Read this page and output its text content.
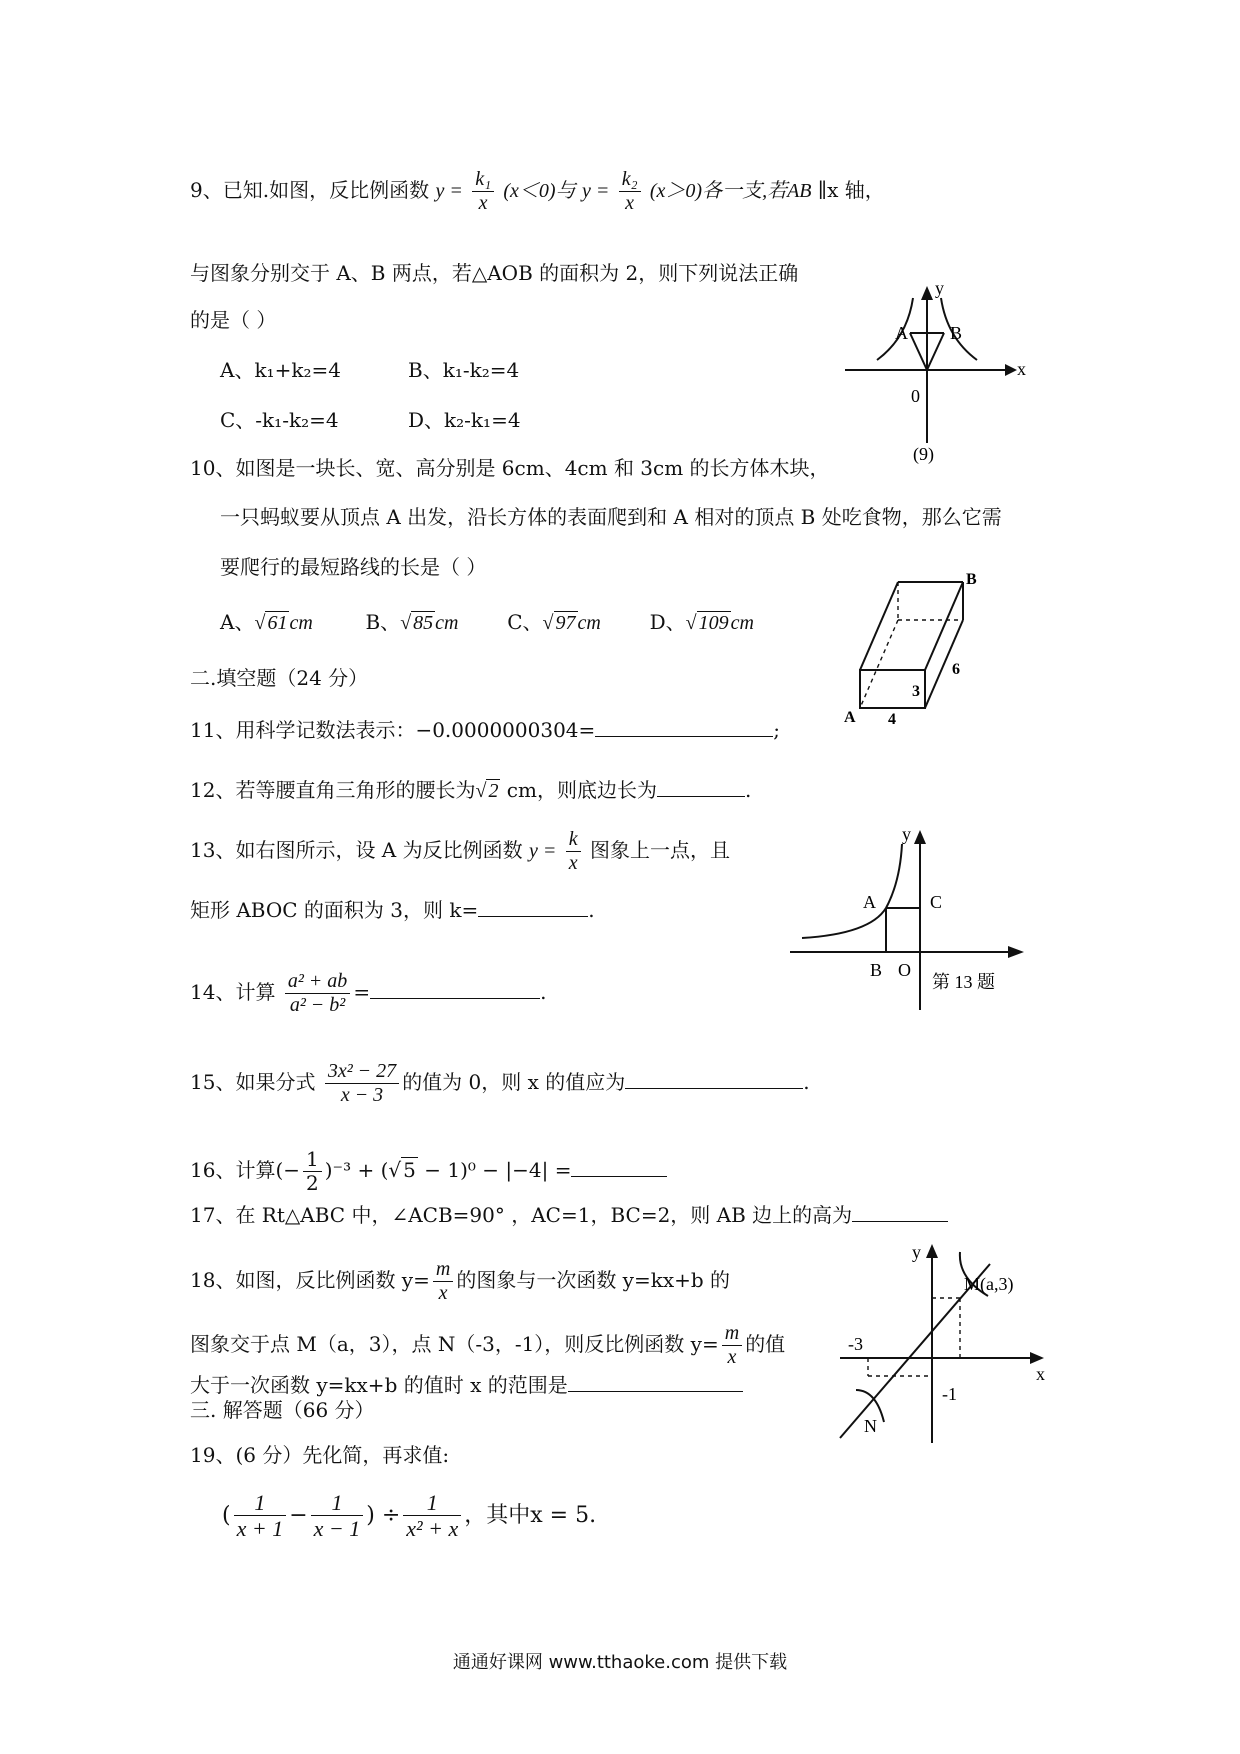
9、已知.如图，反比例函数 $y = \frac{\text{k₁}}{x} (x<0)$与 $y = \frac{\text{k₂}}{x} (x>0)$各一支,若AB ∥x 轴，
与图象分别交于 A、B 两点，若△AOB 的面积为 2，则下列说法正确
的是（ ）
A、k₁+k₂=4	B、k₁-k₂=4
C、-k₁-k₂=4	D、k₂-k₁=4
y
x
A B
0
(9)
10、如图是一块长、宽、高分别是 6cm、4cm 和 3cm 的长方体木块，
一只蚂蚁要从顶点 A 出发，沿长方体的表面爬到和 A 相对的顶点 B 处吃食物，那么它需
要爬行的最短路线的长是（ ）
A、√ 61 cm	B、√ 85 cm C、√ 97 cm D、√ 109 cm
B
6
3
4
A
二.填空题（24 分）
11、用科学记数法表示：−0.0000000304=	;
12、若等腰直角三角形的腰长为√ 2 cm，则底边长为	.
13、如右图所示，设 A 为反比例函数 $y = \frac{k}{x}$ 图象上一点，且
矩形 ABOC 的面积为 3，则 k=	.
y
A	C
B O
第 13 题
14、计算 $\frac{\text{a² + ab}}{\text{a² − b²}}$ =	.
15、如果分式 $\frac{\text{3x² − 27}}{x - 3}$ 的值为 0，则 x 的值应为	.
16、计算(− $\frac{1}{2} )^{-3}$ + (√ 5 − 1)⁰ − |−4| =
17、在 Rt△ABC 中，∠ACB=90° ，AC=1，BC=2，则 AB 边上的高为
18、如图，反比例函数 $y= \frac{m}{x}$ 的图象与一次函数 y=kx+b 的
图象交于点 M（a，3），点 N（-3，-1），则反比例函数 $y= \frac{m}{x}$ 的值
大于一次函数 y=kx+b 的值时 x 的范围是
y
x
M(a,3)
-3
-1
N
三. 解答题（66 分）
19、(6 分）先化简，再求值:
( $\frac{1}{x + 1} - \frac{1}{x - 1}$ ) ÷ $\frac{1}{\text{x² + x}}$ ，其中x = 5.
通通好课网 www.tthaoke.com 提供下载
